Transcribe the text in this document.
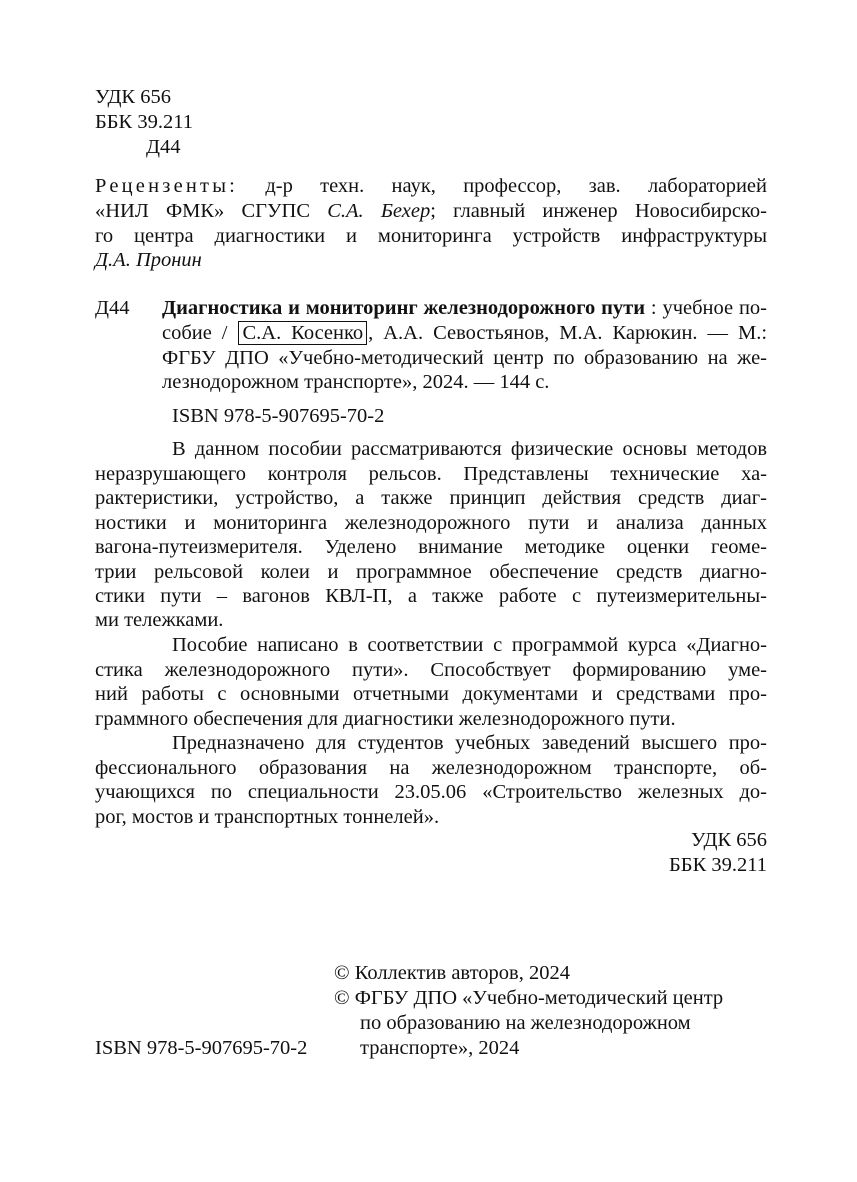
УДК 656
ББК 39.211
Д44
Рецензенты: д-р техн. наук, профессор, зав. лабораторией
«НИЛ ФМК» СГУПС С.А. Бехер; главный инженер Новосибирско-
го центра диагностики и мониторинга устройств инфраструктуры
Д.А. Пронин
Д44 Диагностика и мониторинг железнодорожного пути : учебное по-
собие / С.А. Косенко , А.А. Севостьянов, М.А. Карюкин. — М.:
ФГБУ ДПО «Учебно-методический центр по образованию на же-
лезнодорожном транспорте», 2024. — 144 с.
ISBN 978-5-907695-70-2
В данном пособии рассматриваются физические основы методов
неразрушающего контроля рельсов. Представлены технические ха-
рактеристики, устройство, а также принцип действия средств диаг-
ностики и мониторинга железнодорожного пути и анализа данных
вагона-путеизмерителя. Уделено внимание методике оценки геоме-
трии рельсовой колеи и программное обеспечение средств диагно-
стики пути – вагонов КВЛ-П, а также работе с путеизмерительны-
ми тележками.
Пособие написано в соответствии с программой курса «Диагно-
стика железнодорожного пути». Способствует формированию уме-
ний работы с основными отчетными документами и средствами про-
граммного обеспечения для диагностики железнодорожного пути.
Предназначено для студентов учебных заведений высшего про-
фессионального образования на железнодорожном транспорте, об-
учающихся по специальности 23.05.06 «Строительство железных до-
рог, мостов и транспортных тоннелей».
УДК 656
ББК 39.211
© Коллектив авторов, 2024
© ФГБУ ДПО «Учебно-методический центр
по образованию на железнодорожном
транспорте», 2024
ISBN 978-5-907695-70-2
